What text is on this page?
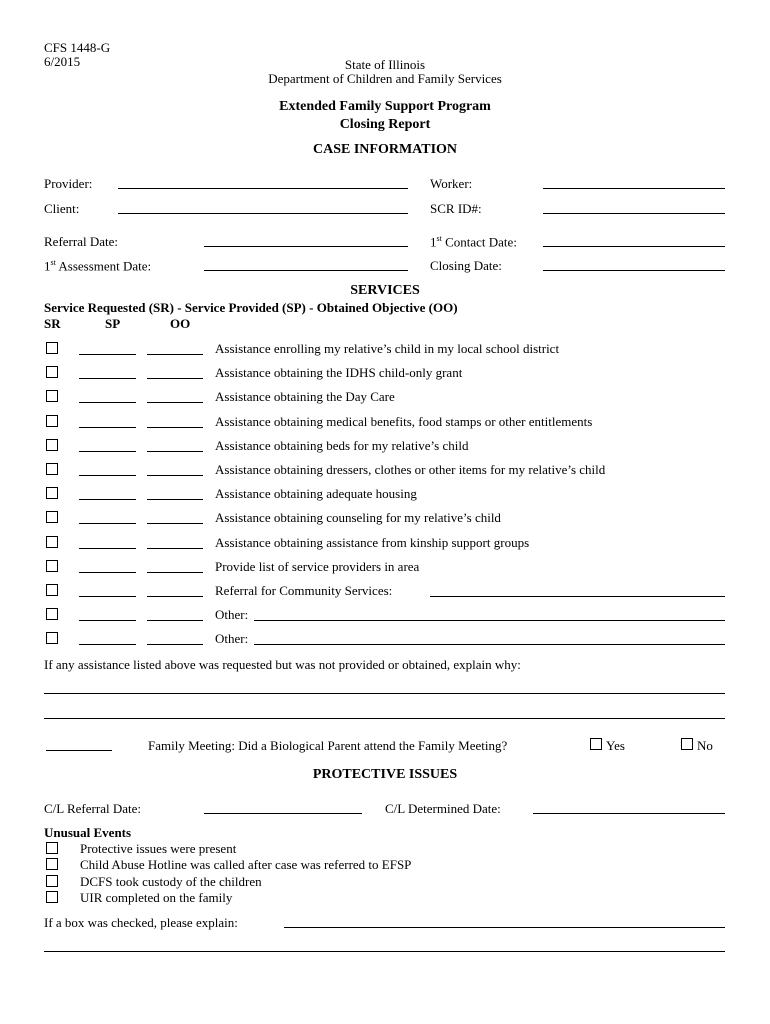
CFS 1448-G
6/2015	State of Illinois
Department of Children and Family Services
Extended Family Support Program
Closing Report
CASE INFORMATION
Provider:	Worker:
Client:	SCR ID#:
Referral Date:	1st Contact Date:
1st Assessment Date:	Closing Date:
SERVICES
Service Requested (SR) - Service Provided (SP) - Obtained Objective (OO)
SR	SP	OO
Assistance enrolling my relative’s child in my local school district
Assistance obtaining the IDHS child-only grant
Assistance obtaining the Day Care
Assistance obtaining medical benefits, food stamps or other entitlements
Assistance obtaining beds for my relative’s child
Assistance obtaining dressers, clothes or other items for my relative’s child
Assistance obtaining adequate housing
Assistance obtaining counseling for my relative’s child
Assistance obtaining assistance from kinship support groups
Provide list of service providers in area
Referral for Community Services:
Other:
Other:
If any assistance listed above was requested but was not provided or obtained, explain why:
Family Meeting: Did a Biological Parent attend the Family Meeting?	Yes	No
PROTECTIVE ISSUES
C/L Referral Date:	C/L Determined Date:
Unusual Events
Protective issues were present
Child Abuse Hotline was called after case was referred to EFSP
DCFS took custody of the children
UIR completed on the family
If a box was checked, please explain:
